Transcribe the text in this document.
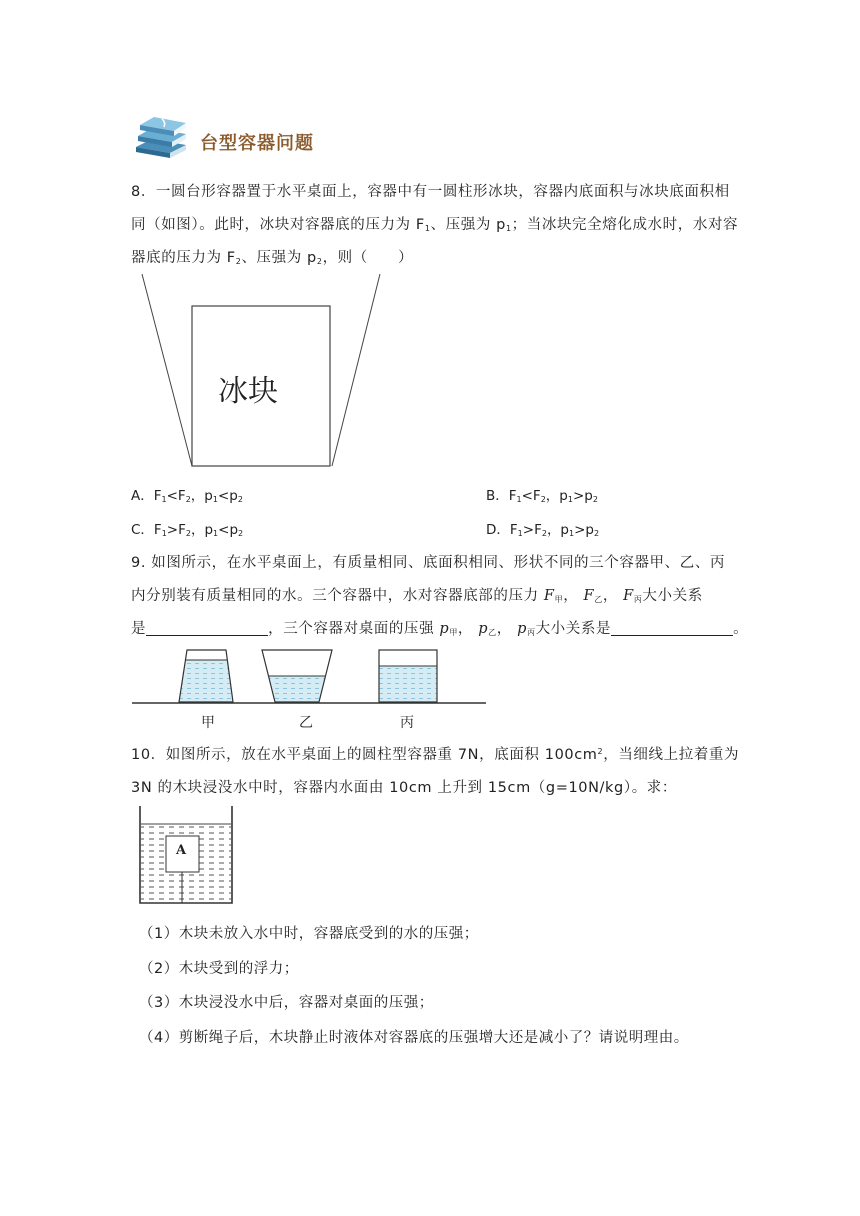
台型容器问题
8．一圆台形容器置于水平桌面上，容器中有一圆柱形冰块，容器内底面积与冰块底面积相
同（如图）。此时，冰块对容器底的压力为 $F_1$、压强为 $p_1$；当冰块完全熔化成水时，水对容
器底的压力为 $F_2$、压强为 $p_2$，则（　　）
冰块
A．$F_1<F_2$，$p_1<p_2$	B．$F_1<F_2$，$p_1>p_2$
C．$F_1>F_2$，$p_1<p_2$	D．$F_1>F_2$，$p_1>p_2$
9. 如图所示，在水平桌面上，有质量相同、底面积相同、形状不同的三个容器甲、乙、丙
内分别装有质量相同的水。三个容器中，水对容器底部的压力 $F_甲$， $F_乙$， $F_丙$大小关系
是	，三个容器对桌面的压强 $p_甲$， $p_乙$， $p_丙$大小关系是	。
甲	乙	丙
10．如图所示，放在水平桌面上的圆柱型容器重 7N，底面积 $100cm^2$，当细线上拉着重为
3N 的木块浸没水中时，容器内水面由 10cm 上升到 15cm（g=10N/kg）。求：
A
（1）木块未放入水中时，容器底受到的水的压强；
（2）木块受到的浮力；
（3）木块浸没水中后，容器对桌面的压强；
（4）剪断绳子后，木块静止时液体对容器底的压强增大还是减小了？请说明理由。
